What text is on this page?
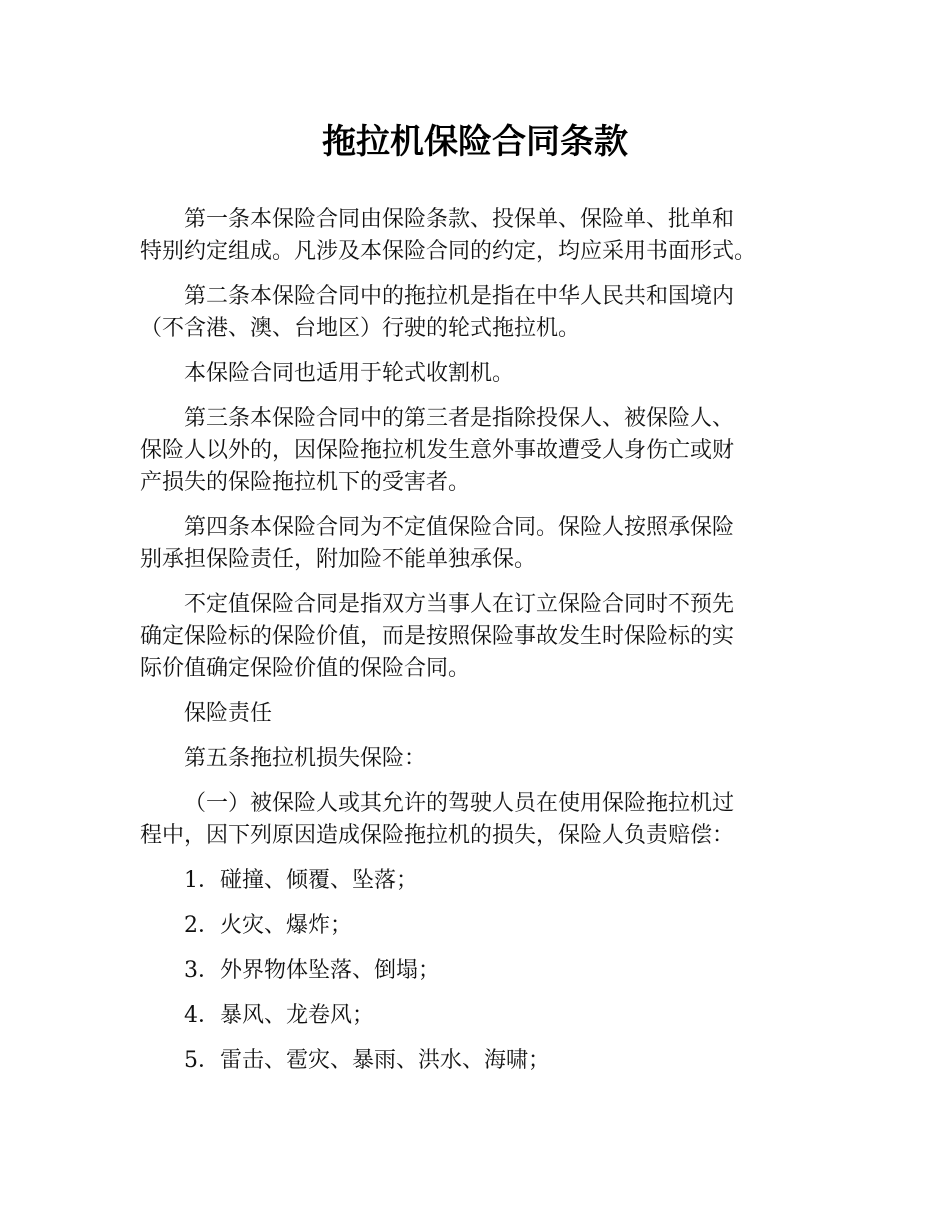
拖拉机保险合同条款

第一条本保险合同由保险条款、投保单、保险单、批单和
特别约定组成。凡涉及本保险合同的约定，均应采用书面形式。

第二条本保险合同中的拖拉机是指在中华人民共和国境内
（不含港、澳、台地区）行驶的轮式拖拉机。

本保险合同也适用于轮式收割机。

第三条本保险合同中的第三者是指除投保人、被保险人、
保险人以外的，因保险拖拉机发生意外事故遭受人身伤亡或财
产损失的保险拖拉机下的受害者。

第四条本保险合同为不定值保险合同。保险人按照承保险
别承担保险责任，附加险不能单独承保。

不定值保险合同是指双方当事人在订立保险合同时不预先
确定保险标的保险价值，而是按照保险事故发生时保险标的实
际价值确定保险价值的保险合同。

保险责任

第五条拖拉机损失保险：

（一）被保险人或其允许的驾驶人员在使用保险拖拉机过
程中，因下列原因造成保险拖拉机的损失，保险人负责赔偿：

1．碰撞、倾覆、坠落；

2．火灾、爆炸；

3．外界物体坠落、倒塌；

4．暴风、龙卷风；

5．雷击、雹灾、暴雨、洪水、海啸；
